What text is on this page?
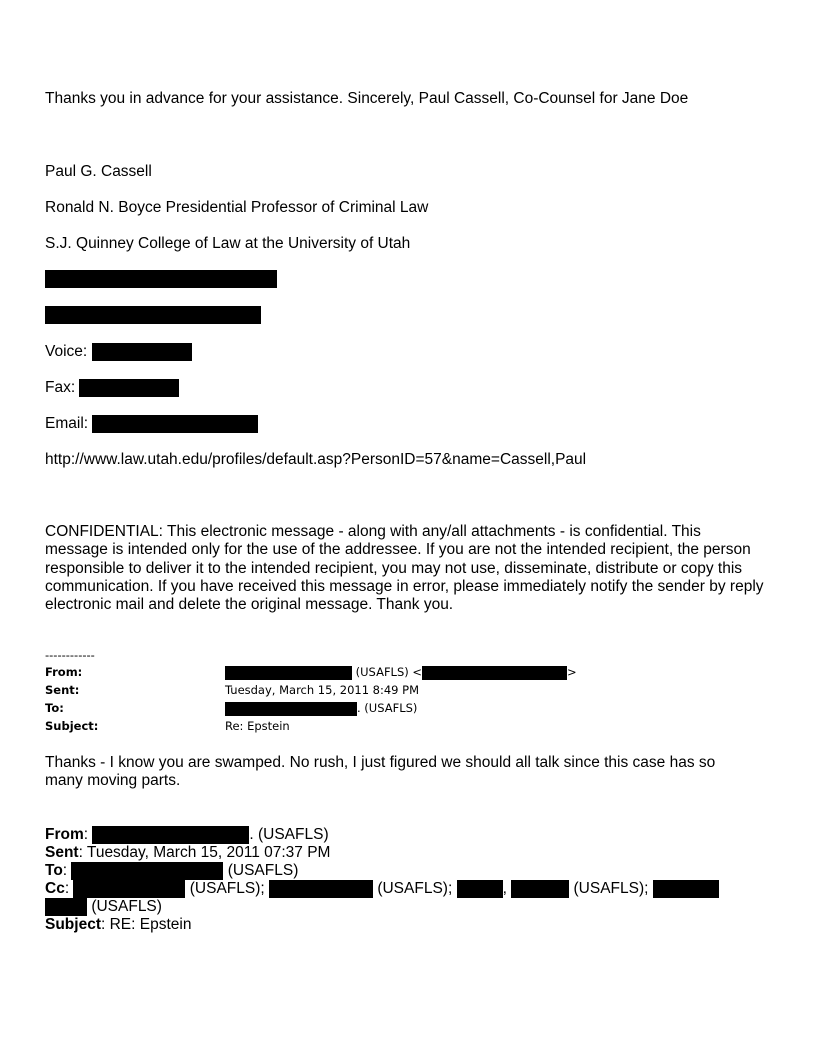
Thanks you in advance for your assistance. Sincerely, Paul Cassell, Co-Counsel for Jane Doe
Paul G. Cassell
Ronald N. Boyce Presidential Professor of Criminal Law
S.J. Quinney College of Law at the University of Utah
Voice:
Fax:
Email:
http://www.law.utah.edu/profiles/default.asp?PersonID=57&name=Cassell,Paul
CONFIDENTIAL: This electronic message - along with any/all attachments - is confidential. This message is intended only for the use of the addressee. If you are not the intended recipient, the person responsible to deliver it to the intended recipient, you may not use, disseminate, distribute or copy this communication. If you have received this message in error, please immediately notify the sender by reply electronic mail and delete the original message. Thank you.
------------
From:	(USAFLS) <	>
Sent:	Tuesday, March 15, 2011 8:49 PM
To:	. (USAFLS)
Subject:	Re: Epstein
Thanks - I know you are swamped. No rush, I just figured we should all talk since this case has so many moving parts.
From:	. (USAFLS)
Sent: Tuesday, March 15, 2011 07:37 PM
To:	(USAFLS)
Cc:	(USAFLS);	(USAFLS);	,	(USAFLS);
(USAFLS)
Subject: RE: Epstein
